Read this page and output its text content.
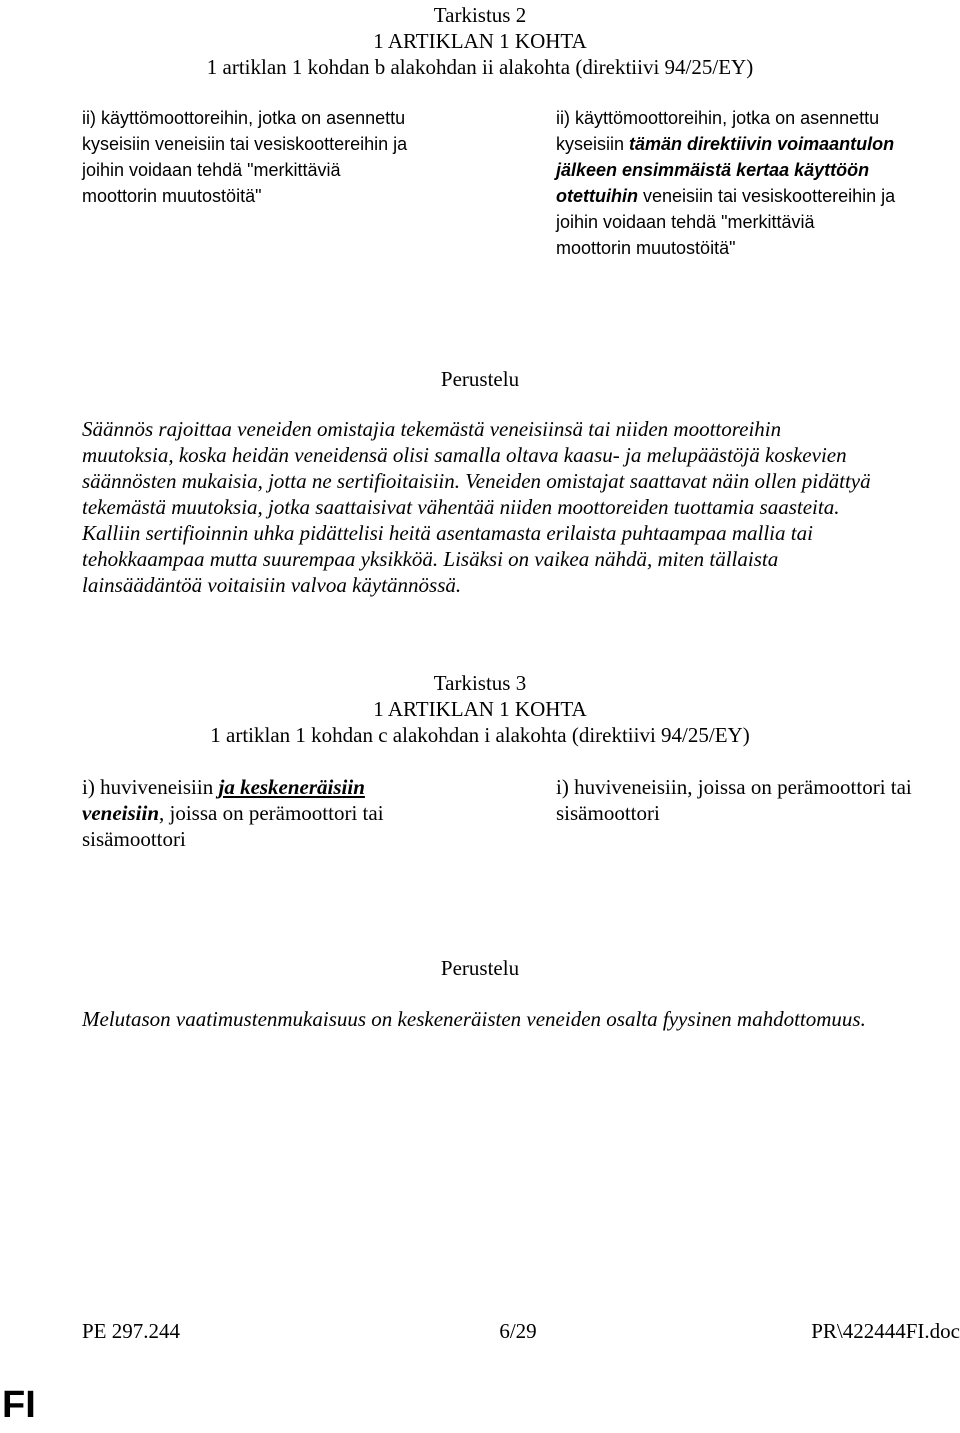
Tarkistus 2
1 ARTIKLAN 1 KOHTA
1 artiklan 1 kohdan b alakohdan ii alakohta (direktiivi 94/25/EY)
ii) käyttömoottoreihin, jotka on asennettu
kyseisiin veneisiin tai vesiskoottereihin ja
joihin voidaan tehdä "merkittäviä
moottorin muutostöitä"
ii) käyttömoottoreihin, jotka on asennettu
kyseisiin tämän direktiivin voimaantulon
jälkeen ensimmäistä kertaa käyttöön
otettuihin veneisiin tai vesiskoottereihin ja
joihin voidaan tehdä "merkittäviä
moottorin muutostöitä"
Perustelu

Säännös rajoittaa veneiden omistajia tekemästä veneisiinsä tai niiden moottoreihin

muutoksia, koska heidän veneidensä olisi samalla oltava kaasu- ja melupäästöjä koskevien

säännösten mukaisia, jotta ne sertifioitaisiin. Veneiden omistajat saattavat näin ollen pidättyä

tekemästä muutoksia, jotka saattaisivat vähentää niiden moottoreiden tuottamia saasteita.

Kalliin sertifioinnin uhka pidättelisi heitä asentamasta erilaista puhtaampaa mallia tai

tehokkaampaa mutta suurempaa yksikköä. Lisäksi on vaikea nähdä, miten tällaista

lainsäädäntöä voitaisiin valvoa käytännössä.

Tarkistus 3
1 ARTIKLAN 1 KOHTA
1 artiklan 1 kohdan c alakohdan i alakohta (direktiivi 94/25/EY)
i) huviveneisiin ja keskeneräisiin
veneisiin, joissa on perämoottori tai
sisämoottori
i) huviveneisiin, joissa on perämoottori tai
sisämoottori
Perustelu

Melutason vaatimustenmukaisuus on keskeneräisten veneiden osalta fyysinen mahdottomuus.

PE 297.244	6/29	PR\422444FI.doc
FI
